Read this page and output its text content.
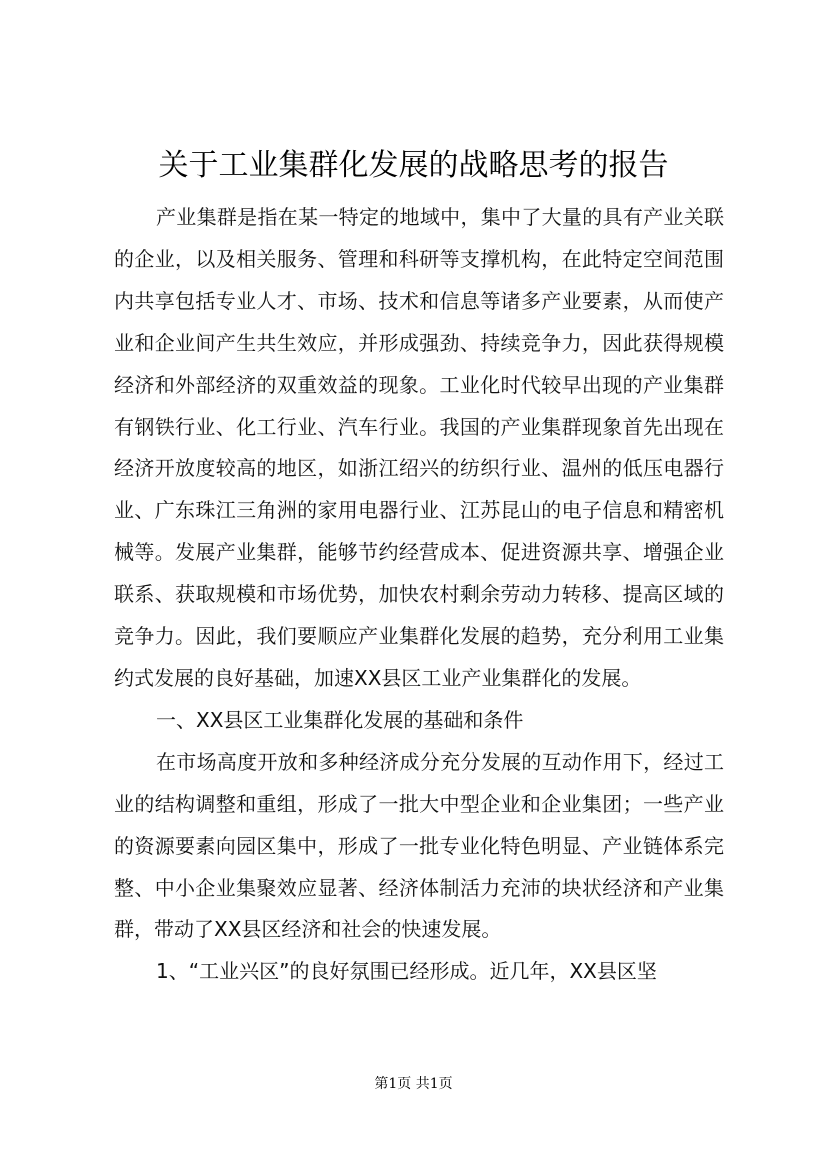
关于工业集群化发展的战略思考的报告

产业集群是指在某一特定的地域中，集中了大量的具有产业关联的企业，以及相关服务、管理和科研等支撑机构，在此特定空间范围内共享包括专业人才、市场、技术和信息等诸多产业要素，从而使产业和企业间产生共生效应，并形成强劲、持续竞争力，因此获得规模经济和外部经济的双重效益的现象。工业化时代较早出现的产业集群有钢铁行业、化工行业、汽车行业。我国的产业集群现象首先出现在经济开放度较高的地区，如浙江绍兴的纺织行业、温州的低压电器行业、广东珠江三角洲的家用电器行业、江苏昆山的电子信息和精密机械等。发展产业集群，能够节约经营成本、促进资源共享、增强企业联系、获取规模和市场优势，加快农村剩余劳动力转移、提高区域的竞争力。因此，我们要顺应产业集群化发展的趋势，充分利用工业集约式发展的良好基础，加速XX县区工业产业集群化的发展。

一、XX县区工业集群化发展的基础和条件

在市场高度开放和多种经济成分充分发展的互动作用下，经过工业的结构调整和重组，形成了一批大中型企业和企业集团；一些产业的资源要素向园区集中，形成了一批专业化特色明显、产业链体系完整、中小企业集聚效应显著、经济体制活力充沛的块状经济和产业集群，带动了XX县区经济和社会的快速发展。

1、“工业兴区”的良好氛围已经形成。近几年，XX县区坚

第1页 共1页
